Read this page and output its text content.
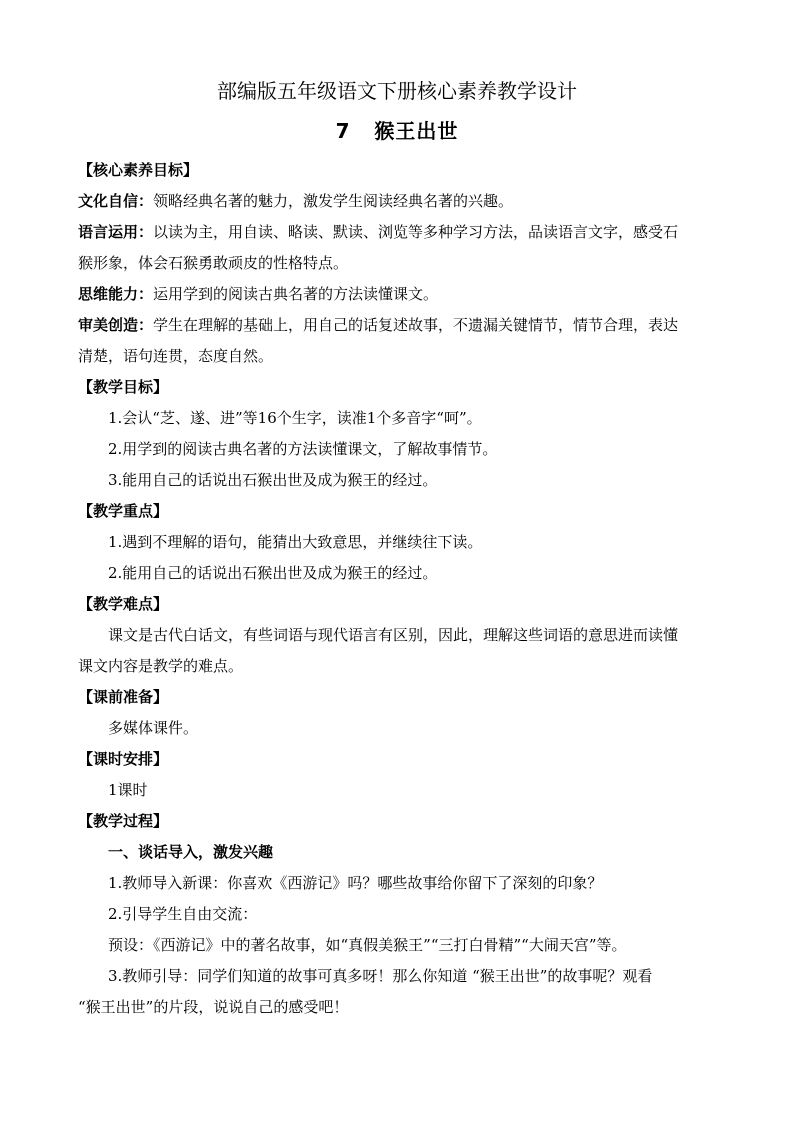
部编版五年级语文下册核心素养教学设计
7 猴王出世
【核心素养目标】
文化自信：领略经典名著的魅力，激发学生阅读经典名著的兴趣。
语言运用：以读为主，用自读、略读、默读、浏览等多种学习方法，品读语言文字，感受石
猴形象，体会石猴勇敢顽皮的性格特点。
思维能力：运用学到的阅读古典名著的方法读懂课文。
审美创造：学生在理解的基础上，用自己的话复述故事，不遗漏关键情节，情节合理，表达
清楚，语句连贯，态度自然。
【教学目标】
1.会认“芝、遂、进”等16个生字，读准1个多音字“呵”。
2.用学到的阅读古典名著的方法读懂课文，了解故事情节。
3.能用自己的话说出石猴出世及成为猴王的经过。
【教学重点】
1.遇到不理解的语句，能猜出大致意思，并继续往下读。
2.能用自己的话说出石猴出世及成为猴王的经过。
【教学难点】
课文是古代白话文，有些词语与现代语言有区别，因此，理解这些词语的意思进而读懂
课文内容是教学的难点。
【课前准备】
多媒体课件。
【课时安排】
1课时
【教学过程】
一、谈话导入，激发兴趣
1.教师导入新课：你喜欢《西游记》吗？哪些故事给你留下了深刻的印象？
2.引导学生自由交流：
预设：《西游记》中的著名故事，如“真假美猴王”“三打白骨精”“大闹天宫”等。
3.教师引导：同学们知道的故事可真多呀！那么你知道 “猴王出世”的故事呢？观看
“猴王出世”的片段，说说自己的感受吧！
